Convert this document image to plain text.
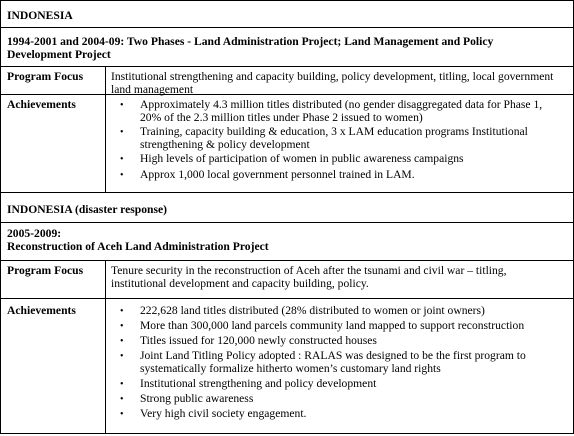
INDONESIA
1994-2001 and 2004-09: Two Phases - Land Administration Project; Land Management and Policy
Development Project
Program Focus Institutional strengthening and capacity building, policy development, titling, local government
land management
Achievements	• Approximately 4.3 million titles distributed (no gender disaggregated data for Phase 1,
20% of the 2.3 million titles under Phase 2 issued to women)
• Training, capacity building & education, 3 x LAM education programs Institutional
strengthening & policy development
• High levels of participation of women in public awareness campaigns
• Approx 1,000 local government personnel trained in LAM.
INDONESIA (disaster response)
2005-2009:
Reconstruction of Aceh Land Administration Project
Program Focus Tenure security in the reconstruction of Aceh after the tsunami and civil war – titling,
institutional development and capacity building, policy.
Achievements	• 222,628 land titles distributed (28% distributed to women or joint owners)
• More than 300,000 land parcels community land mapped to support reconstruction
• Titles issued for 120,000 newly constructed houses
• Joint Land Titling Policy adopted : RALAS was designed to be the first program to
systematically formalize hitherto women’s customary land rights
• Institutional strengthening and policy development
• Strong public awareness
• Very high civil society engagement.
